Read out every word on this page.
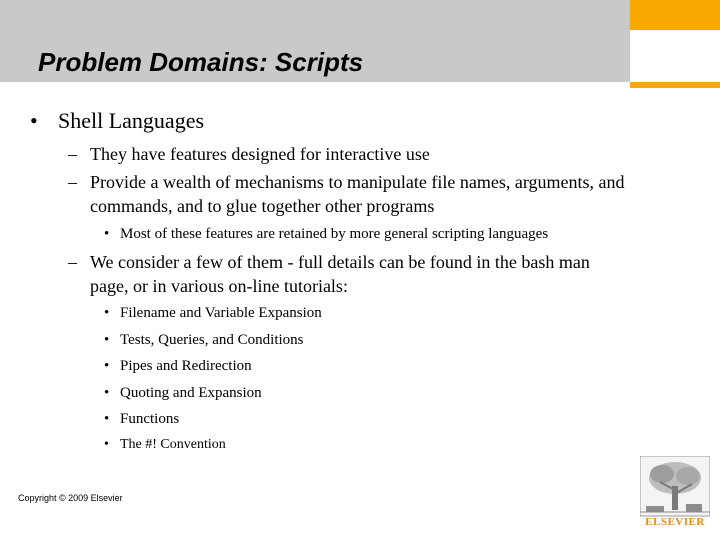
Problem Domains: Scripts
• Shell Languages
– They have features designed for interactive use
– Provide a wealth of mechanisms to manipulate file names, arguments, and
commands, and to glue together other programs
• Most of these features are retained by more general scripting languages
– We consider a few of them - full details can be found in the bash man
page, or in various on-line tutorials:
• Filename and Variable Expansion
• Tests, Queries, and Conditions
• Pipes and Redirection
• Quoting and Expansion
• Functions
• The #! Convention
Copyright © 2009 Elsevier
ELSEVIER
